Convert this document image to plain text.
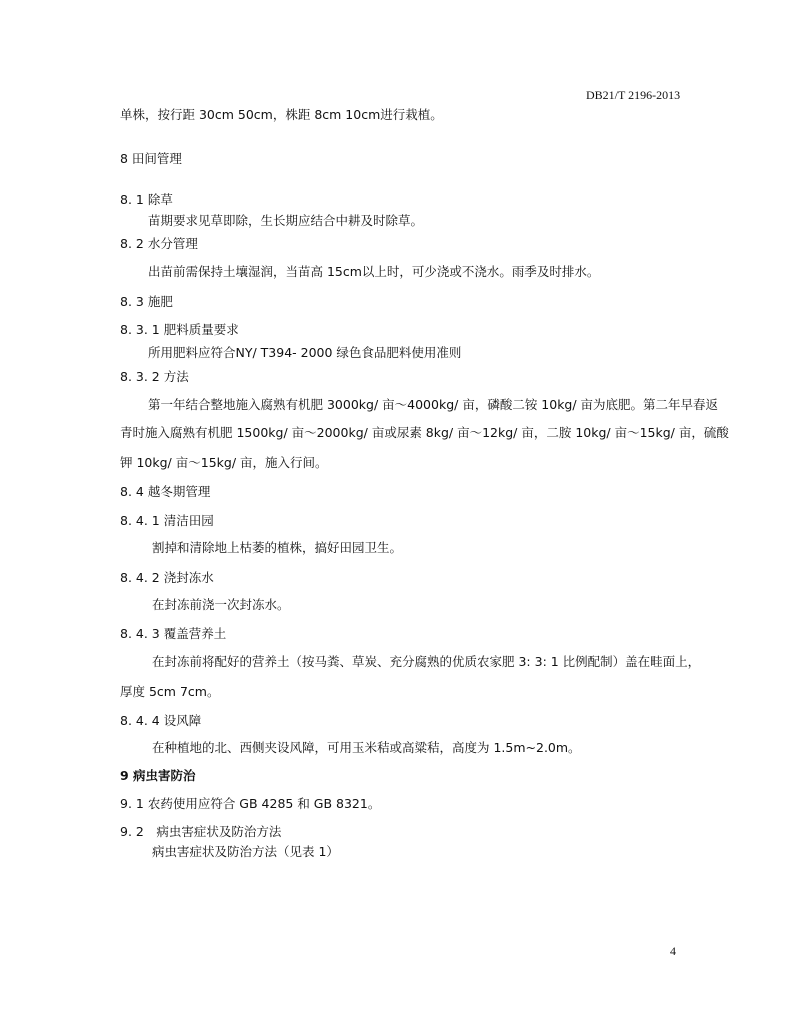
DB21/T 2196-2013
单株，按行距 30cm 50cm，株距 8cm 10cm进行栽植。
8 田间管理
8. 1 除草
苗期要求见草即除，生长期应结合中耕及时除草。
8. 2 水分管理
出苗前需保持土壤湿润，当苗高 15cm以上时，可少浇或不浇水。雨季及时排水。
8. 3 施肥
8. 3. 1 肥料质量要求
所用肥料应符合NY/ T394- 2000 绿色食品肥料使用准则
8. 3. 2 方法
第一年结合整地施入腐熟有机肥 3000kg/ 亩～4000kg/ 亩，磷酸二铵 10kg/ 亩为底肥。第二年早春返
青时施入腐熟有机肥 1500kg/ 亩～2000kg/ 亩或尿素 8kg/ 亩～12kg/ 亩，二胺 10kg/ 亩～15kg/ 亩，硫酸
钾 10kg/ 亩～15kg/ 亩，施入行间。
8. 4 越冬期管理
8. 4. 1 清洁田园
割掉和清除地上枯萎的植株，搞好田园卫生。
8. 4. 2 浇封冻水
在封冻前浇一次封冻水。
8. 4. 3 覆盖营养土
在封冻前将配好的营养土（按马粪、草炭、充分腐熟的优质农家肥 3: 3: 1 比例配制）盖在畦面上，
厚度 5cm 7cm。
8. 4. 4 设风障
在种植地的北、西侧夹设风障，可用玉米秸或高粱秸，高度为 1.5m~2.0m。
9 病虫害防治
9. 1 农药使用应符合 GB 4285 和 GB 8321。
9. 2　病虫害症状及防治方法
病虫害症状及防治方法（见表 1）
4
